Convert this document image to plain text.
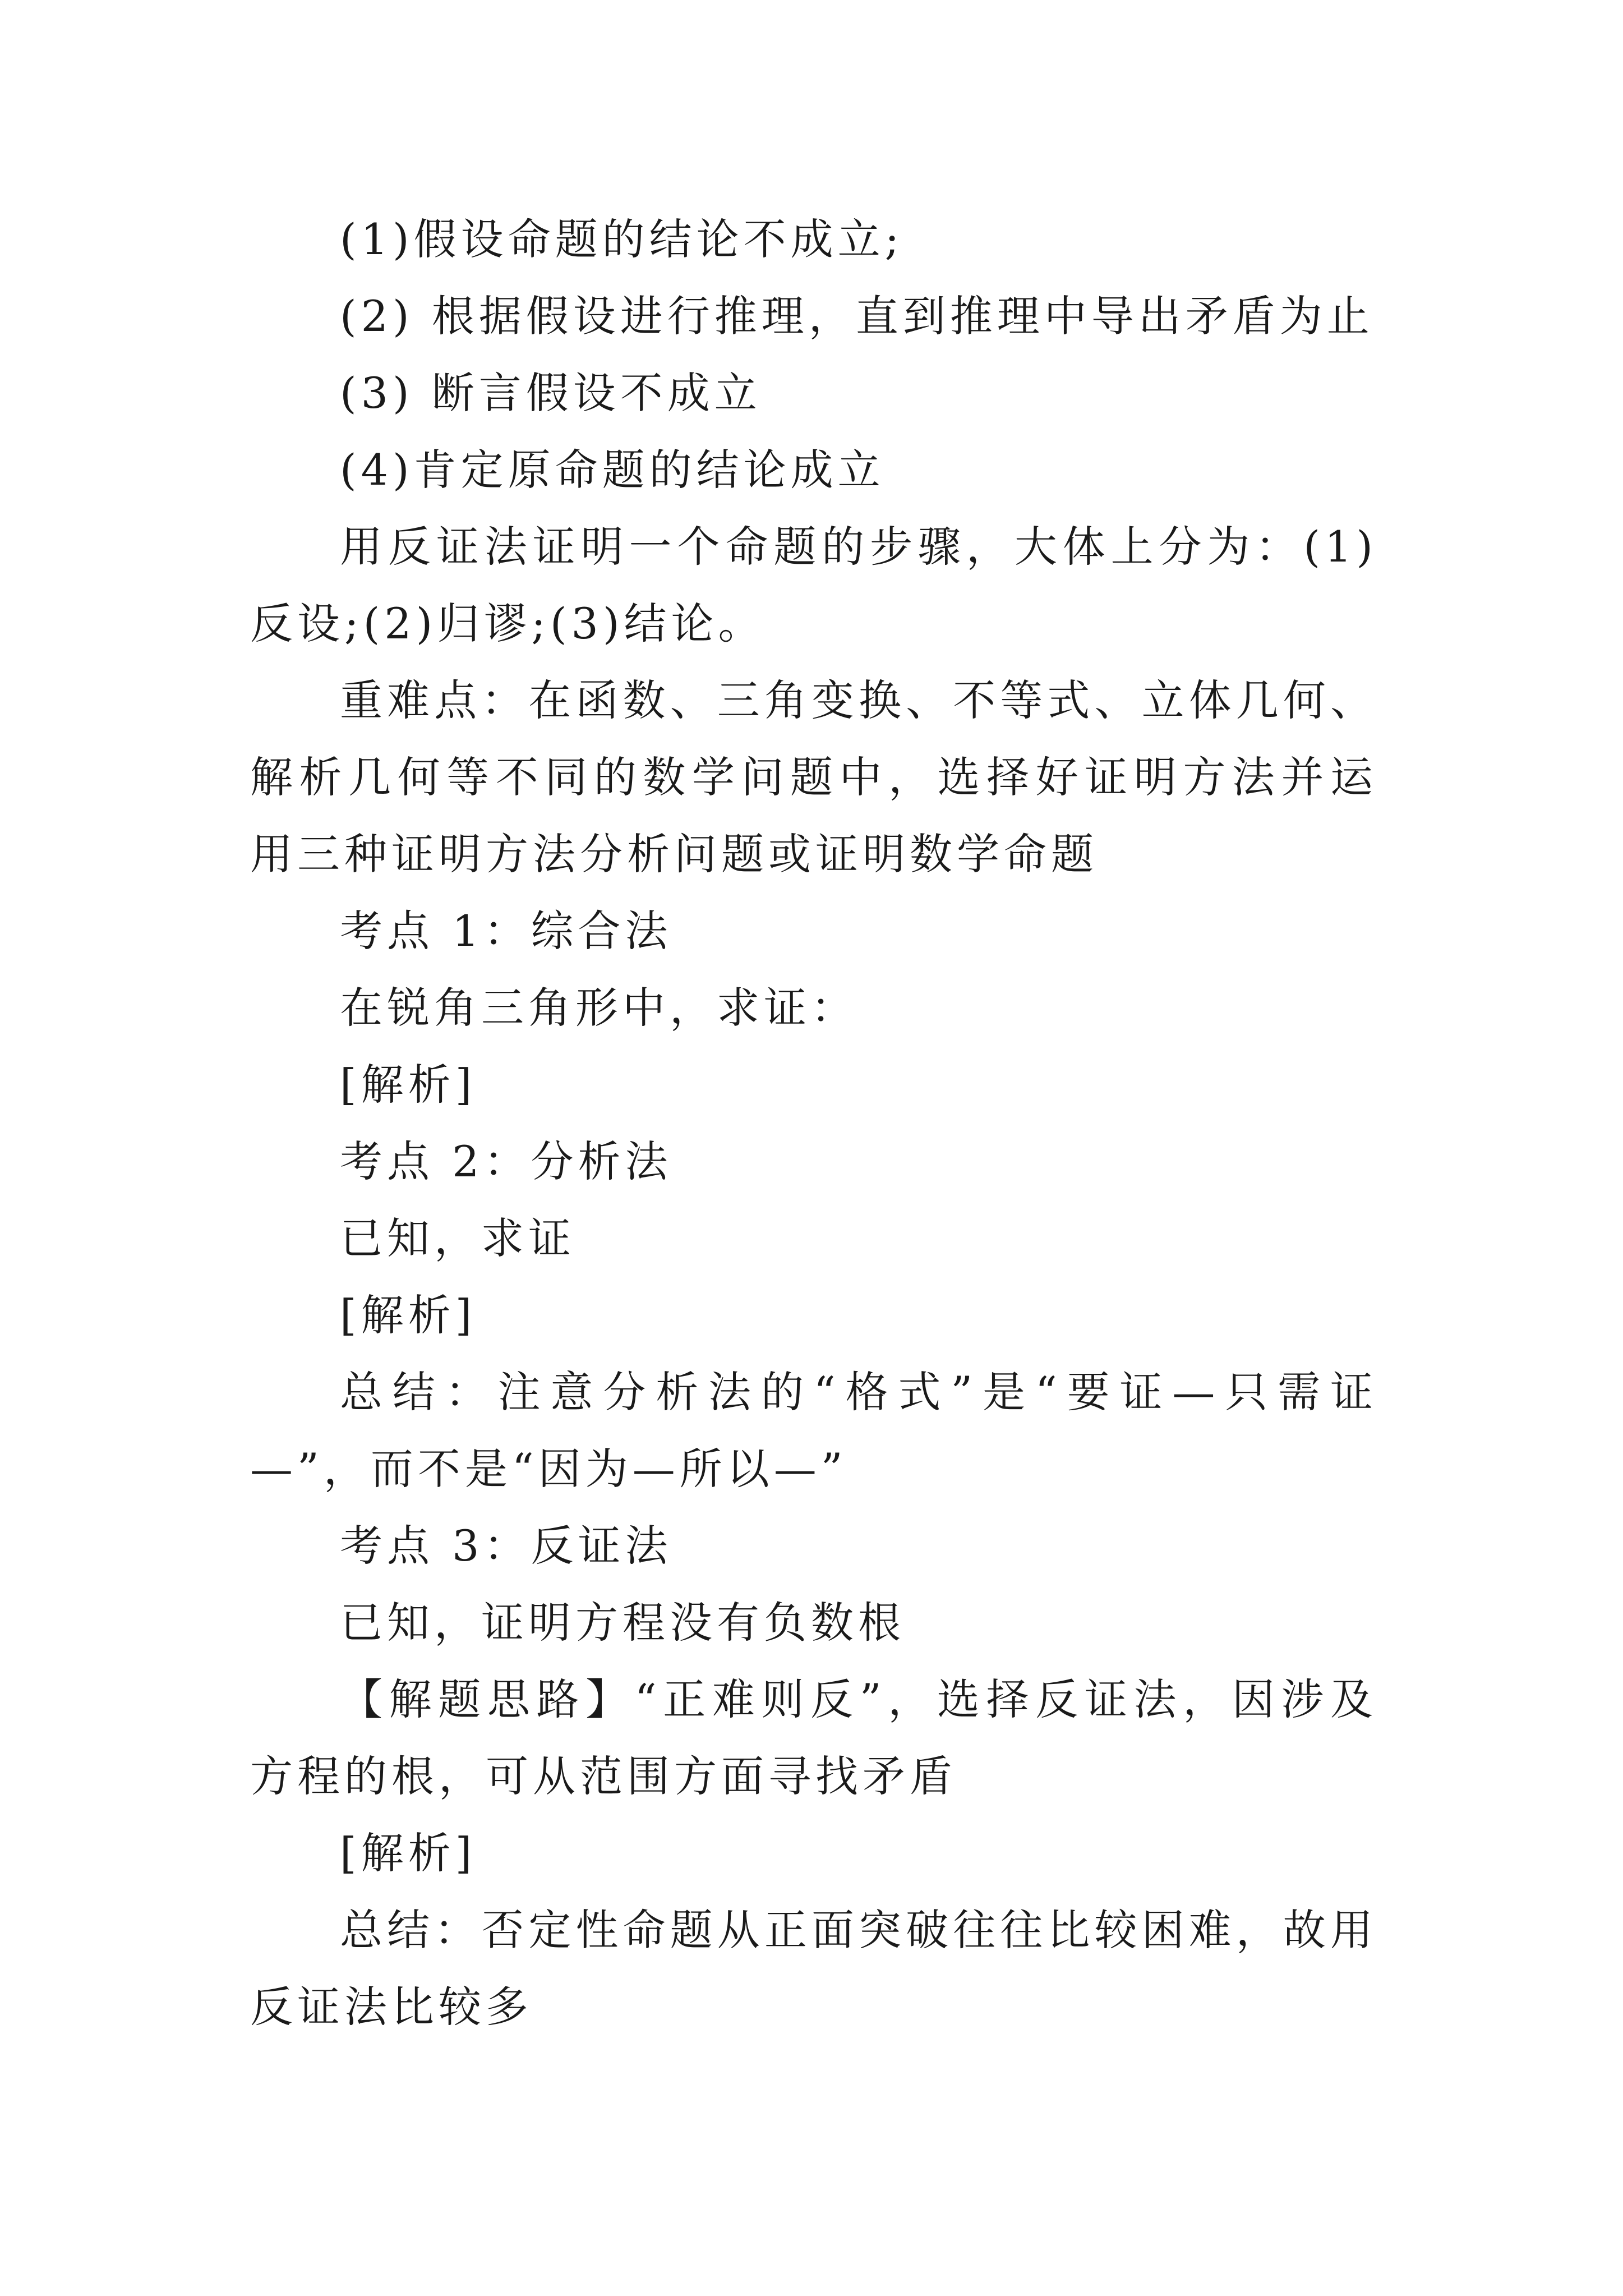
(1)假设命题的结论不成立;

(2) 根据假设进行推理，直到推理中导出矛盾为止

(3) 断言假设不成立

(4)肯定原命题的结论成立

用反证法证明一个命题的步骤，大体上分为：(1)反设;(2)归谬;(3)结论。

重难点：在函数、三角变换、不等式、立体几何、解析几何等不同的数学问题中，选择好证明方法并运用三种证明方法分析问题或证明数学命题

考点 1：综合法

在锐角三角形中，求证：

[解析]

考点 2：分析法

已知，求证

[解析]

总结：注意分析法的“格式”是“要证—只需证—”，而不是“因为—所以—”

考点 3：反证法

已知，证明方程没有负数根

【解题思路】“正难则反”，选择反证法，因涉及方程的根，可从范围方面寻找矛盾

[解析]

总结：否定性命题从正面突破往往比较困难，故用反证法比较多
